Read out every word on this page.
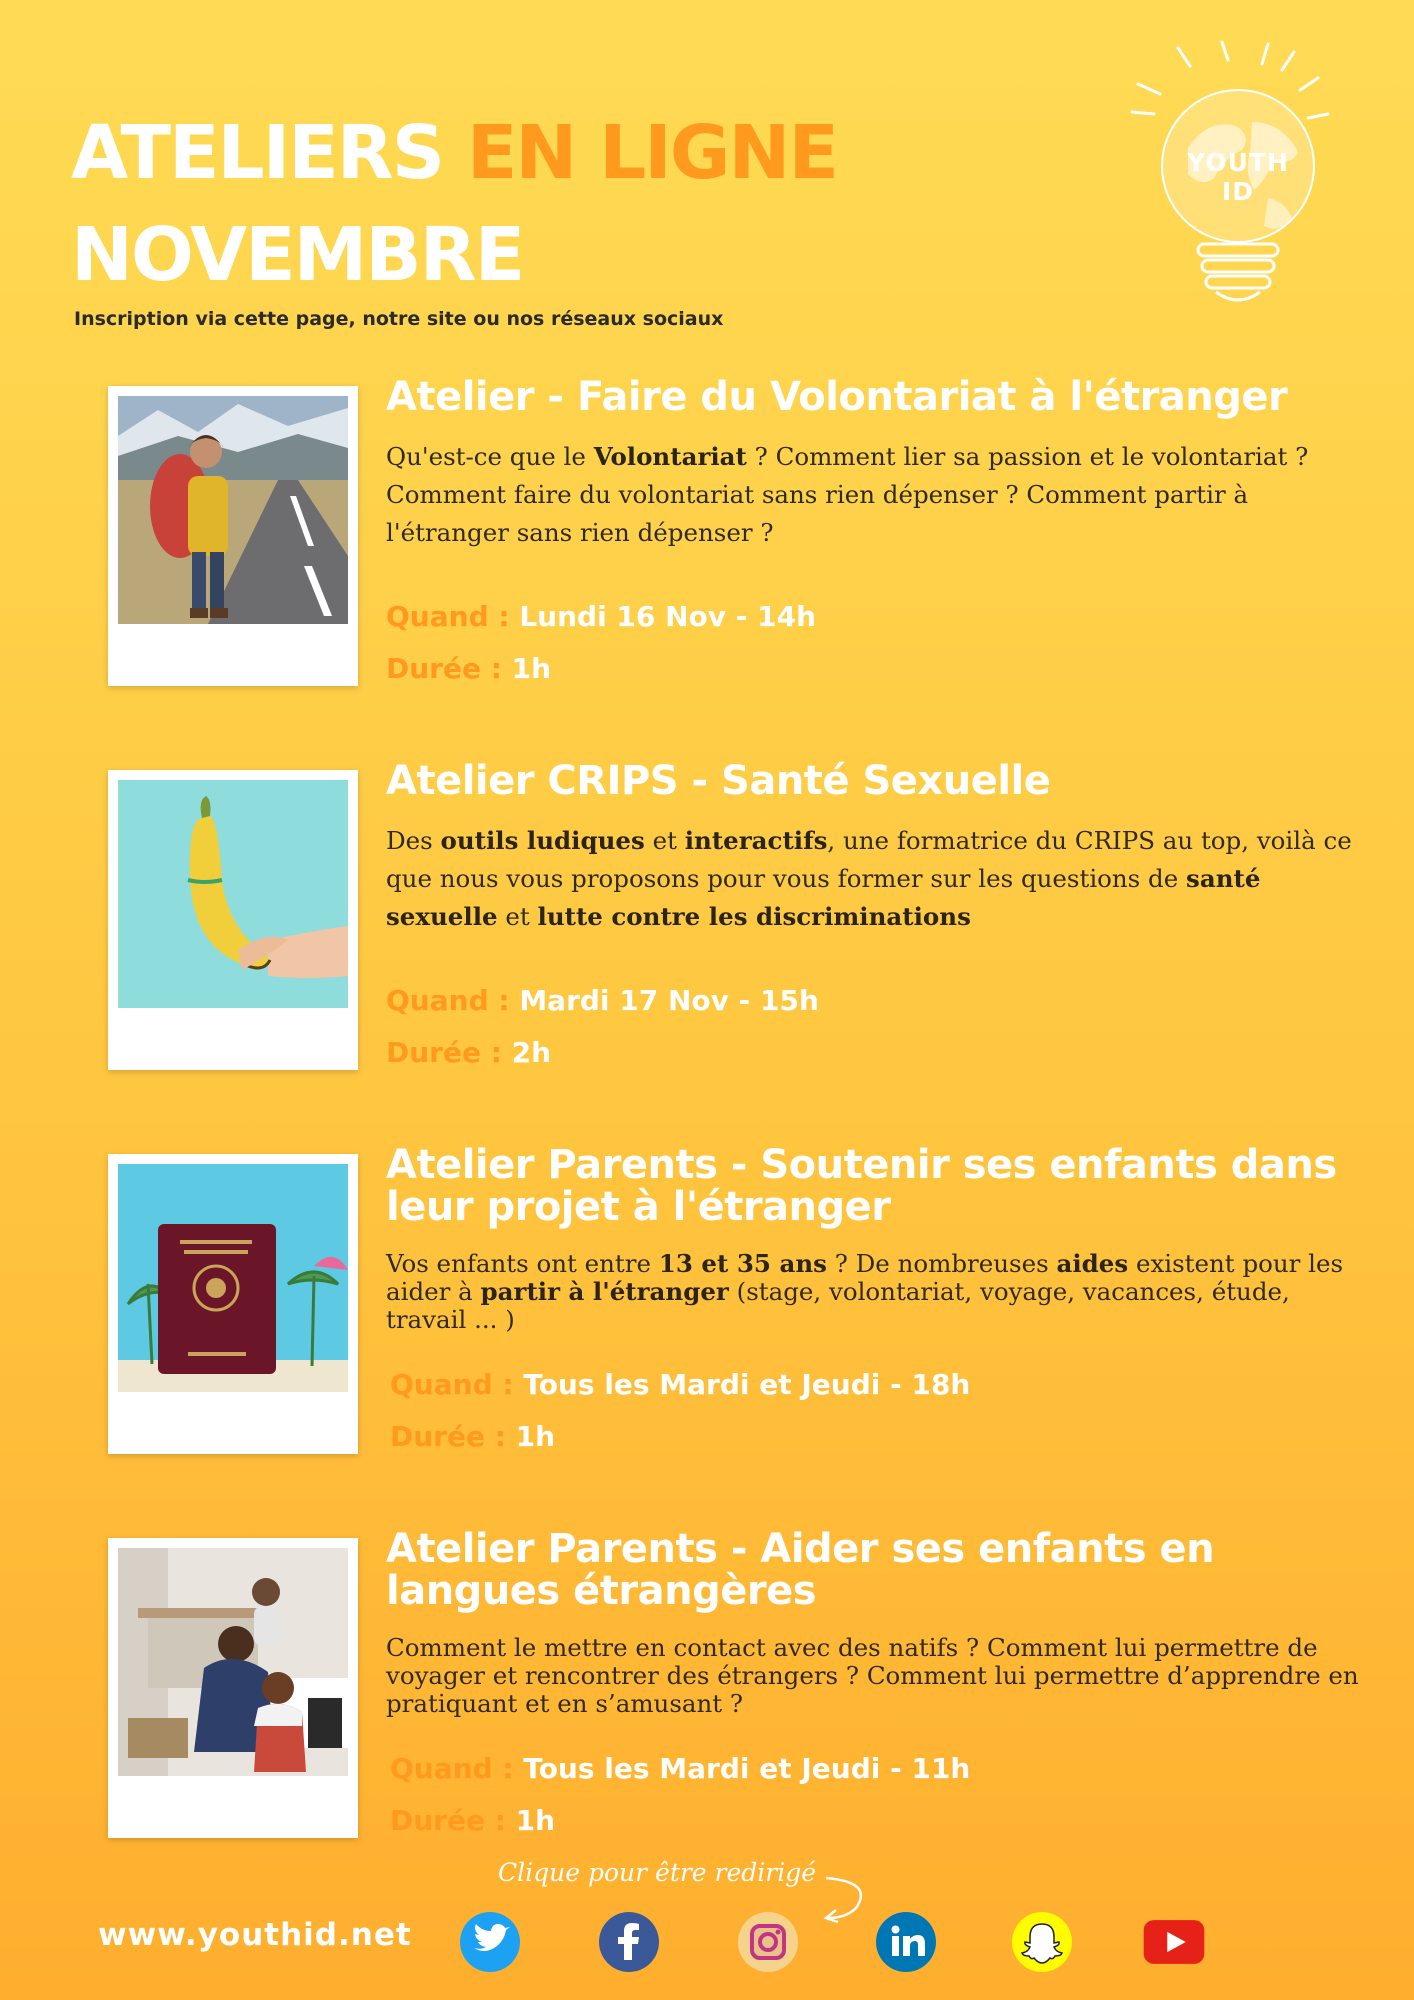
ATELIERS EN LIGNE
NOVEMBRE
Inscription via cette page, notre site ou nos réseaux sociaux
YOUTH ID
Atelier - Faire du Volontariat à l'étranger
Qu'est-ce que le Volontariat ? Comment lier sa passion et le volontariat ? Comment faire du volontariat sans rien dépenser ? Comment partir à l'étranger sans rien dépenser ?
Quand : Lundi 16 Nov - 14h
Durée : 1h
Atelier CRIPS - Santé Sexuelle
Des outils ludiques et interactifs, une formatrice du CRIPS au top, voilà ce que nous vous proposons pour vous former sur les questions de santé sexuelle et lutte contre les discriminations
Quand : Mardi 17 Nov - 15h
Durée : 2h
Atelier Parents - Soutenir ses enfants dans leur projet à l'étranger
Vos enfants ont entre 13 et 35 ans ? De nombreuses aides existent pour les aider à partir à l'étranger (stage, volontariat, voyage, vacances, étude, travail ... )
Quand : Tous les Mardi et Jeudi - 18h
Durée : 1h
Atelier Parents - Aider ses enfants en langues étrangères
Comment le mettre en contact avec des natifs ? Comment lui permettre de voyager et rencontrer des étrangers ? Comment lui permettre d’apprendre en pratiquant et en s’amusant ?
Quand : Tous les Mardi et Jeudi - 11h
Durée : 1h
www.youthid.net
Clique pour être redirigé
